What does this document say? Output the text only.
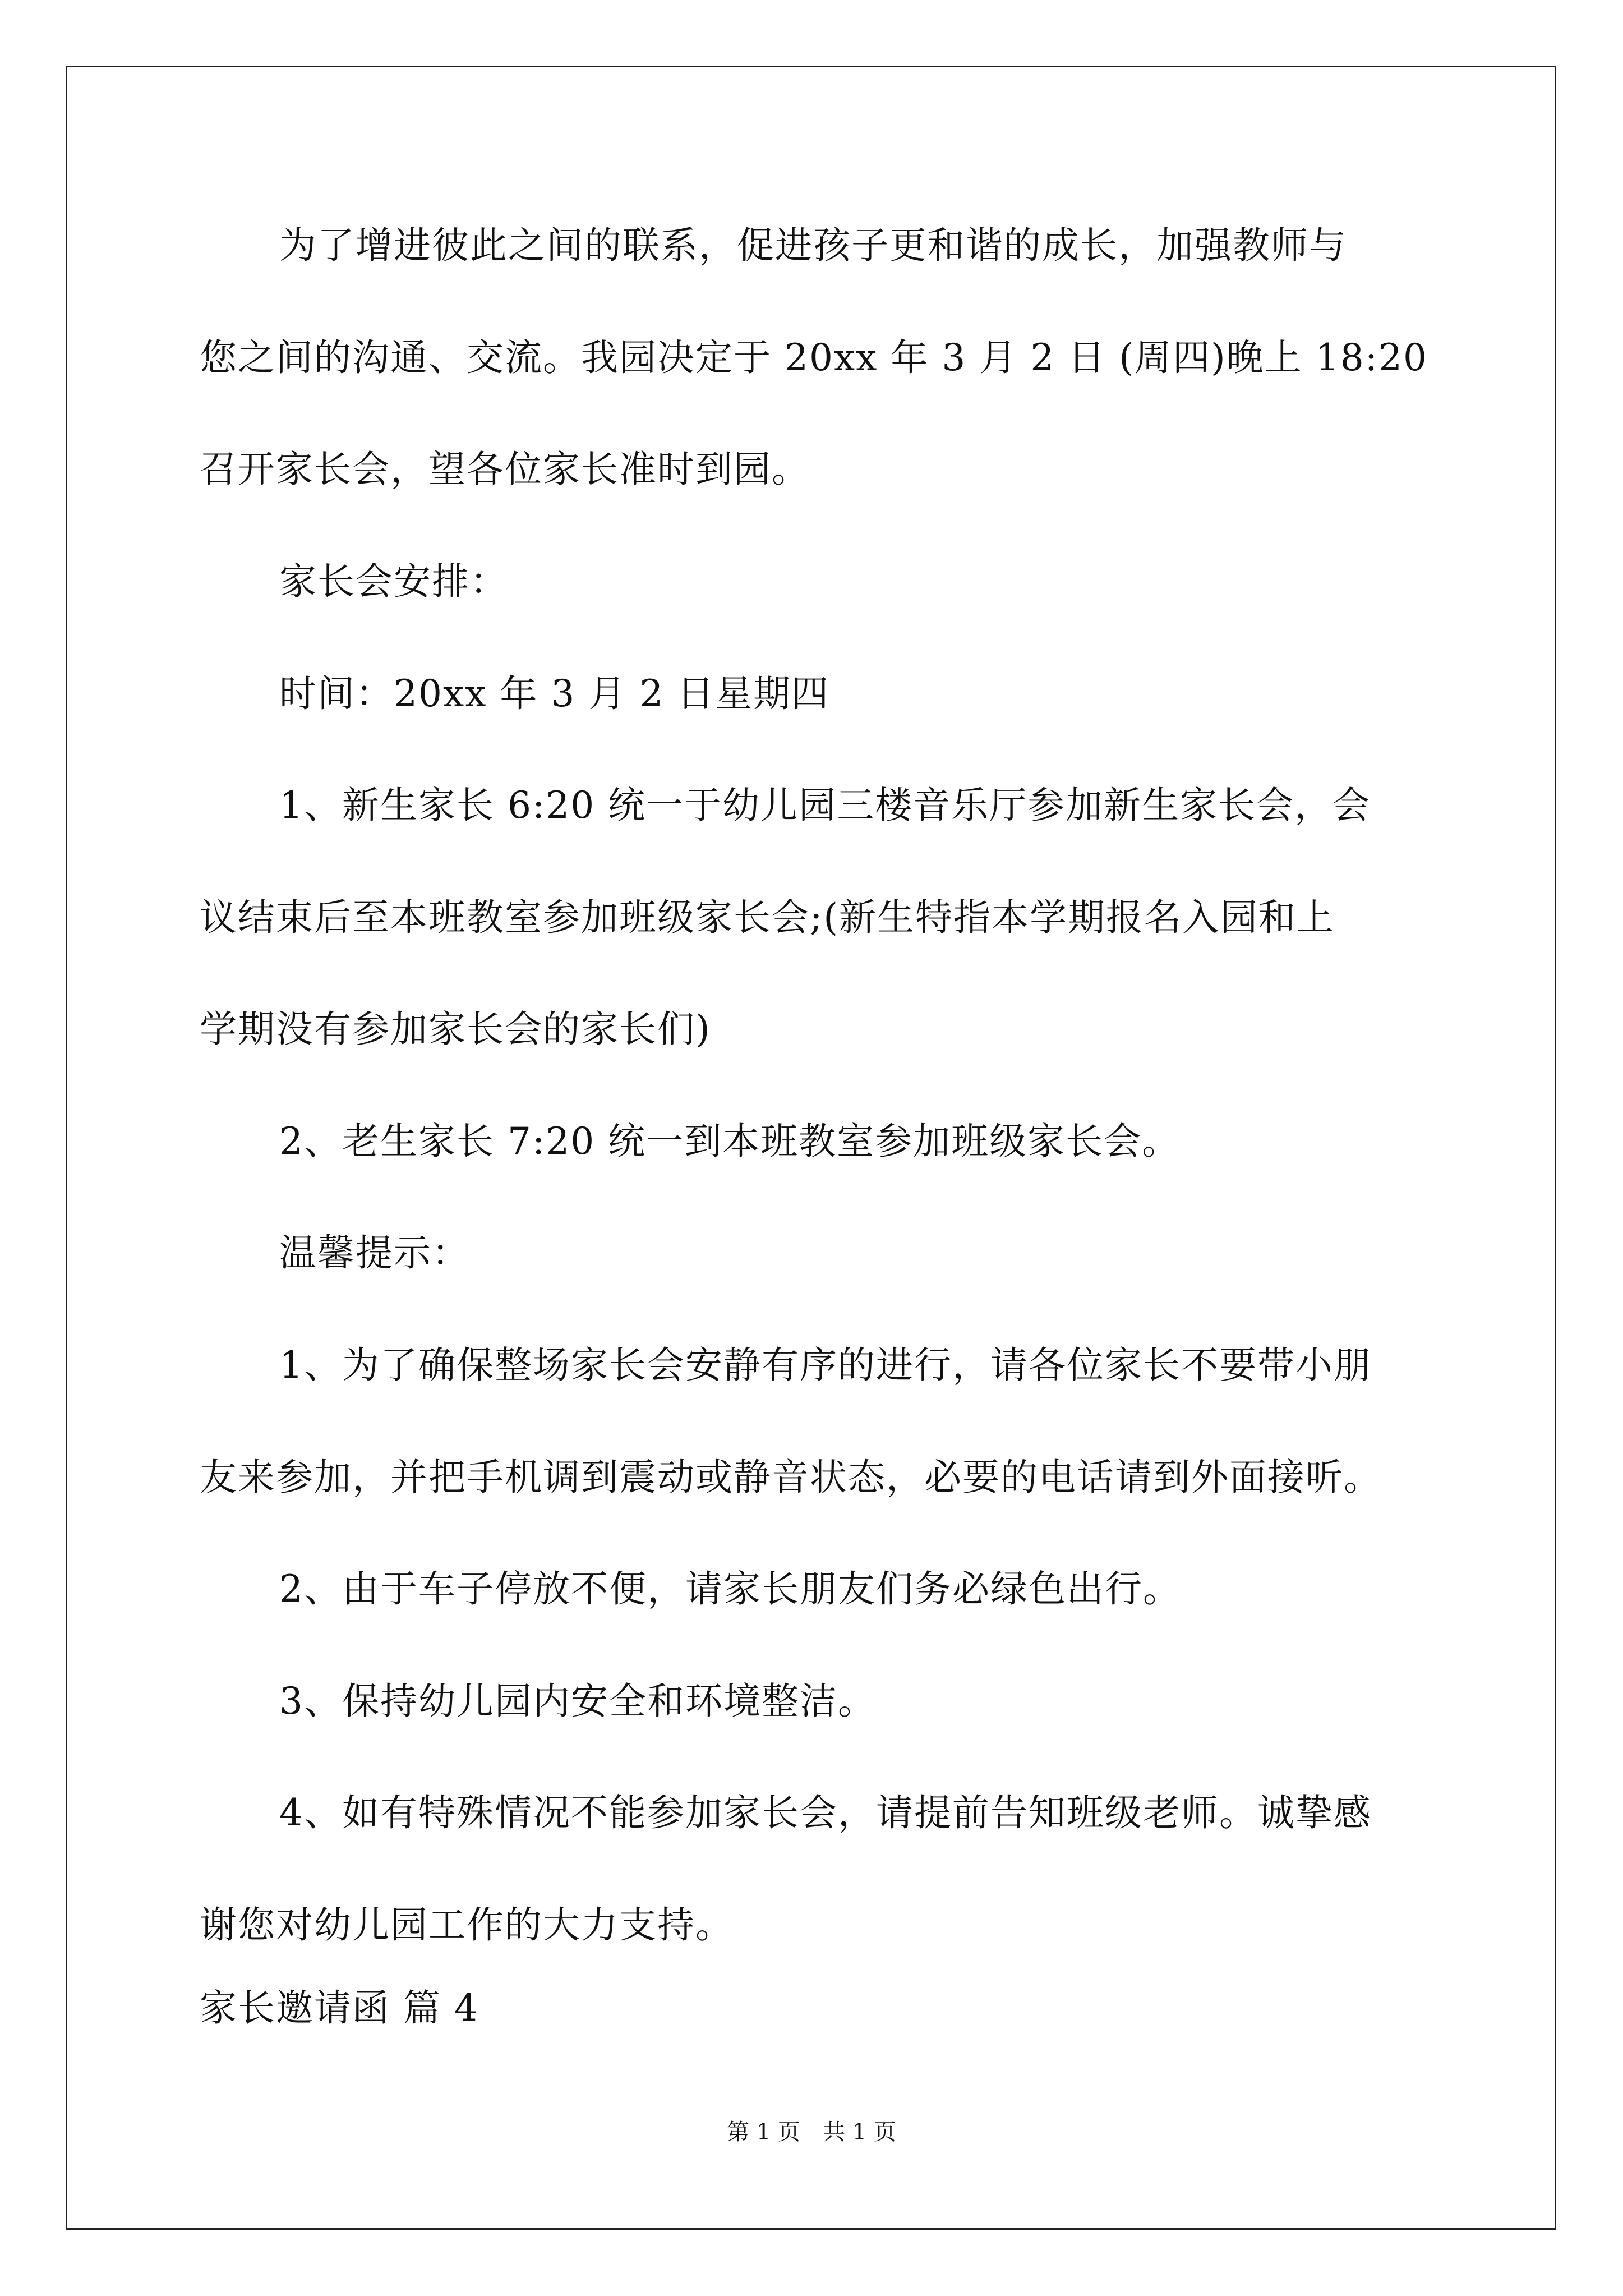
为了增进彼此之间的联系，促进孩子更和谐的成长，加强教师与
您之间的沟通、交流。我园决定于 20xx 年 3 月 2 日 (周四)晚上 18:20
召开家长会，望各位家长准时到园。
家长会安排：
时间：20xx 年 3 月 2 日星期四
1、新生家长 6:20 统一于幼儿园三楼音乐厅参加新生家长会，会
议结束后至本班教室参加班级家长会;(新生特指本学期报名入园和上
学期没有参加家长会的家长们)
2、老生家长 7:20 统一到本班教室参加班级家长会。
温馨提示：
1、为了确保整场家长会安静有序的进行，请各位家长不要带小朋
友来参加，并把手机调到震动或静音状态，必要的电话请到外面接听。
2、由于车子停放不便，请家长朋友们务必绿色出行。
3、保持幼儿园内安全和环境整洁。
4、如有特殊情况不能参加家长会，请提前告知班级老师。诚挚感
谢您对幼儿园工作的大力支持。
家长邀请函 篇 4
第 1 页　共 1 页
